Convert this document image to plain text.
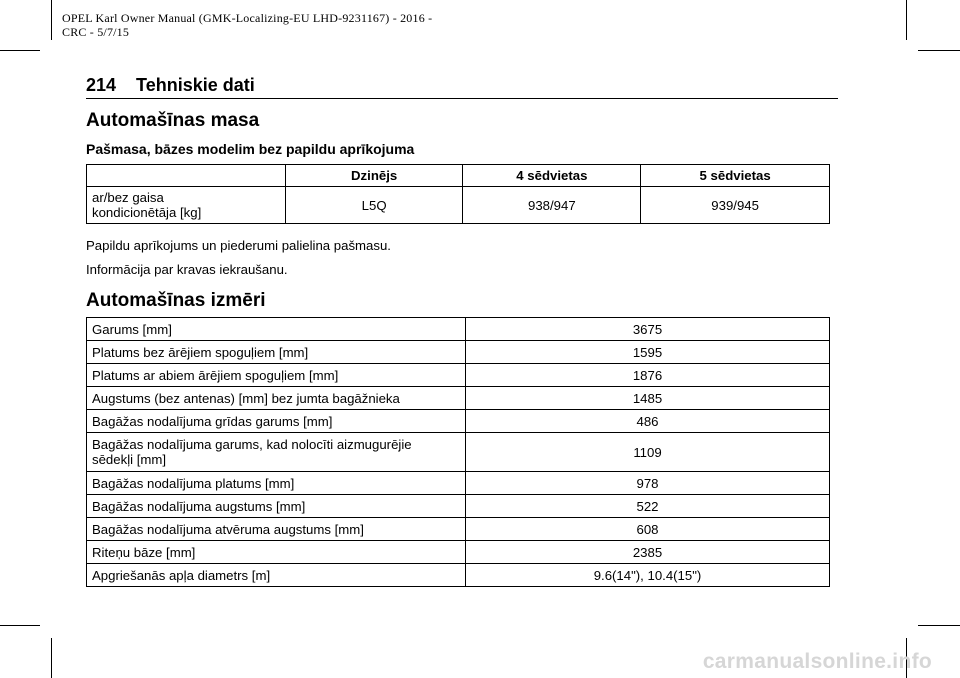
OPEL Karl Owner Manual (GMK-Localizing-EU LHD-9231167) - 2016 -
CRC - 5/7/15
214 Tehniskie dati
Automašīnas masa
Pašmasa, bāzes modelim bez papildu aprīkojuma
	Dzinējs	4 sēdvietas	5 sēdvietas
ar/bez gaisa
kondicionētāja [kg]	L5Q	938/947	939/945
Papildu aprīkojums un piederumi palielina pašmasu.
Informācija par kravas iekraušanu.
Automašīnas izmēri
Garums [mm]	3675
Platums bez ārējiem spoguļiem [mm]	1595
Platums ar abiem ārējiem spoguļiem [mm]	1876
Augstums (bez antenas) [mm] bez jumta bagāžnieka	1485
Bagāžas nodalījuma grīdas garums [mm]	486
Bagāžas nodalījuma garums, kad nolocīti aizmugurējie
sēdekļi [mm]	1109
Bagāžas nodalījuma platums [mm]	978
Bagāžas nodalījuma augstums [mm]	522
Bagāžas nodalījuma atvēruma augstums [mm]	608
Riteņu bāze [mm]	2385
Apgriešanās apļa diametrs [m]	9.6(14"), 10.4(15")
carmanualsonline.info
